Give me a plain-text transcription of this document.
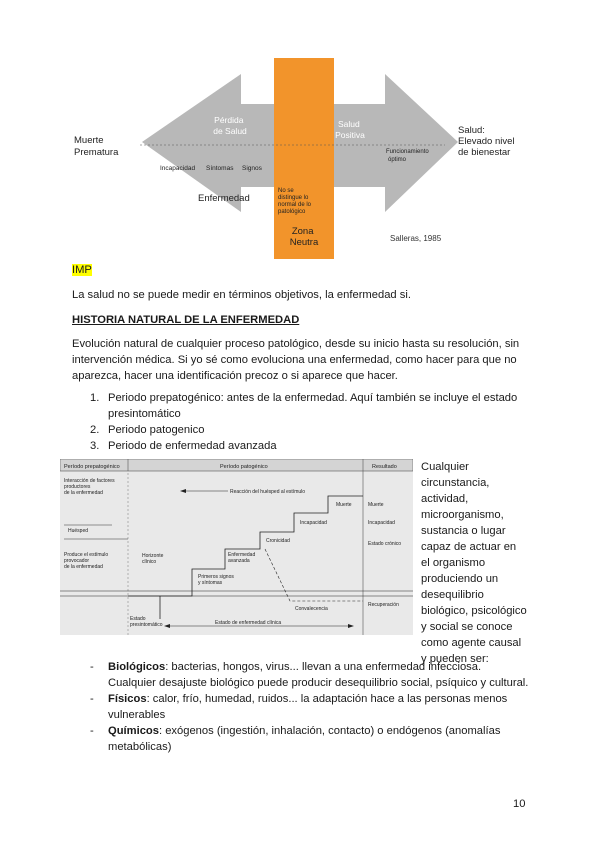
Muerte Prematura
Salud: Elevado nivel de bienestar
Pérdida de Salud
Salud Positiva
Funcionamiento óptimo
Incapacidad Síntomas Signos
Enfermedad
No se distingue lo normal de lo patológico
Zona Neutra	Salleras, 1985
IMP
La salud no se puede medir en términos objetivos, la enfermedad si.
HISTORIA NATURAL DE LA ENFERMEDAD
Evolución natural de cualquier proceso patológico, desde su inicio hasta su resolución, sin
intervención médica. Si yo sé como evoluciona una enfermedad, como hacer para que no
aparezca, hacer una identificación precoz o si aparece que hacer.
1. Periodo prepatogénico: antes de la enfermedad. Aquí también se incluye el estado
presintomático
2. Periodo patogenico
3. Periodo de enfermedad avanzada
Período prepatogénico	Período patogénico	Resultado
Interacción de factores productores de la enfermedad
Huésped
Produce el estímulo provocador de la enfermedad
Reacción del huésped al estímulo
Horizonte clínico
Muerte
Incapacidad
Cronicidad
Enfermedad avanzada
Primeros signos y síntomas
Convalecencia
Muerte
Incapacidad
Estado crónico
Recuperación
Estado presintomático	Estado de enfermedad clínica
Cualquier
circunstancia,
actividad,
microorganismo,
sustancia o lugar
capaz de actuar en
el organismo
produciendo un
desequilibrio
biológico, psicológico
y social se conoce
como agente causal
y pueden ser:
- Biológicos: bacterias, hongos, virus... llevan a una enfermedad infecciosa.
Cualquier desajuste biológico puede producir desequilibrio social, psíquico y cultural.
- Físicos: calor, frío, humedad, ruidos... la adaptación hace a las personas menos
vulnerables
- Químicos: exógenos (ingestión, inhalación, contacto) o endógenos (anomalías
metabólicas)
10
